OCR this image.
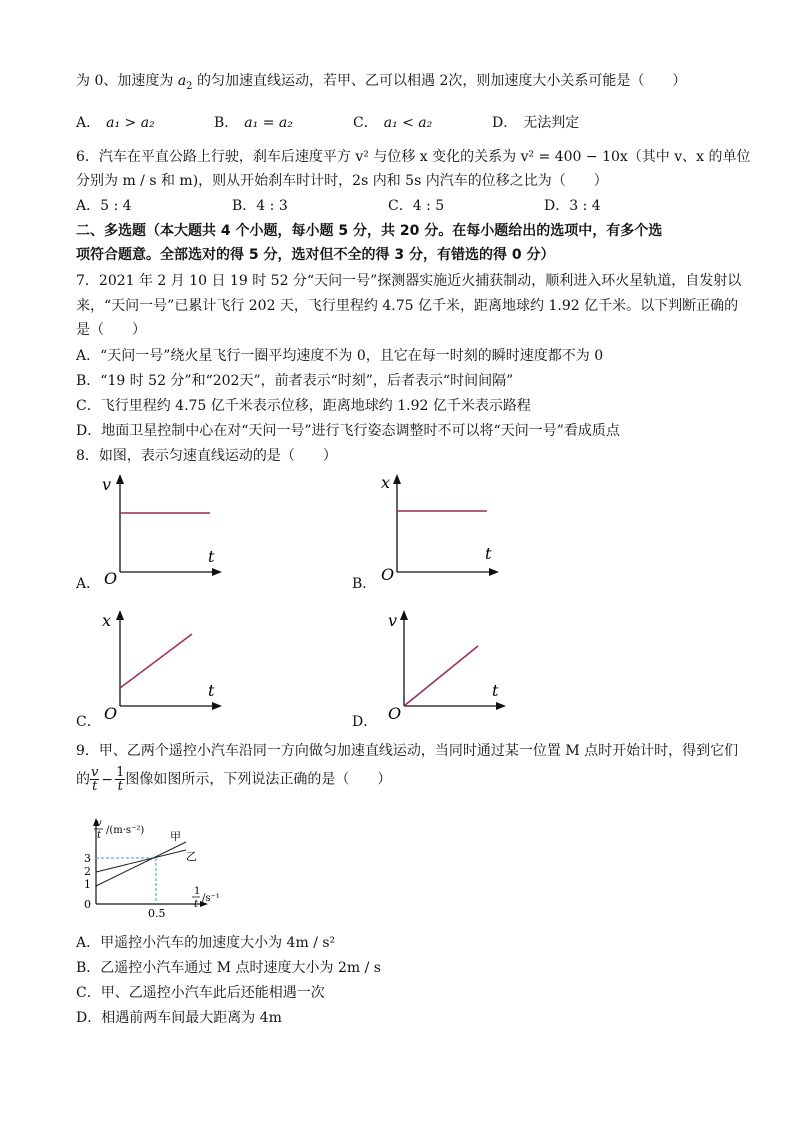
为 0、加速度为 $a_2$ 的匀加速直线运动，若甲、乙可以相遇 2次，则加速度大小关系可能是（　　）
A． a₁ > a₂	B． a₁ = a₂	C． a₁ < a₂	D． 无法判定
6．汽车在平直公路上行驶，刹车后速度平方 v² 与位移 x 变化的关系为 v² = 400 − 10x（其中 v、x 的单位
分别为 m / s 和 m)，则从开始刹车时计时，2s 内和 5s 内汽车的位移之比为（　　）
A．5 : 4	B．4 : 3	C．4 : 5	D．3 : 4
二、多选题（本大题共 4 个小题，每小题 5 分，共 20 分。在每小题给出的选项中，有多个选
项符合题意。全部选对的得 5 分，选对但不全的得 3 分，有错选的得 0 分）
7．2021 年 2 月 10 日 19 时 52 分“天问一号”探测器实施近火捕获制动，顺利进入环火星轨道，自发射以
来，“天问一号”已累计飞行 202 天，飞行里程约 4.75 亿千米，距离地球约 1.92 亿千米。以下判断正确的
是（　　）
A．“天问一号”绕火星飞行一圈平均速度不为 0，且它在每一时刻的瞬时速度都不为 0
B．“19 时 52 分”和“202天”，前者表示“时刻”，后者表示“时间间隔”
C．飞行里程约 4.75 亿千米表示位移，距离地球约 1.92 亿千米表示路程
D．地面卫星控制中心在对“天问一号”进行飞行姿态调整时不可以将“天问一号”看成质点
8．如图，表示匀速直线运动的是（　　）
A．
v
t
O	B．
x
t
O
C．
x
t
O	D．
v
t
O
9．甲、乙两个遥控小汽车沿同一方向做匀加速直线运动，当同时通过某一位置 M 点时开始计时，得到它们
的 $\frac{v}{t} - \frac{1}{t}$ 图像如图所示，下列说法正确的是（　　）
v
t /(m·s⁻²)
1
2
3
0
0.5
甲
乙
1
t
/s⁻¹
A．甲遥控小汽车的加速度大小为 4m / s²
B．乙遥控小汽车通过 M 点时速度大小为 2m / s
C．甲、乙遥控小汽车此后还能相遇一次
D．相遇前两车间最大距离为 4m
